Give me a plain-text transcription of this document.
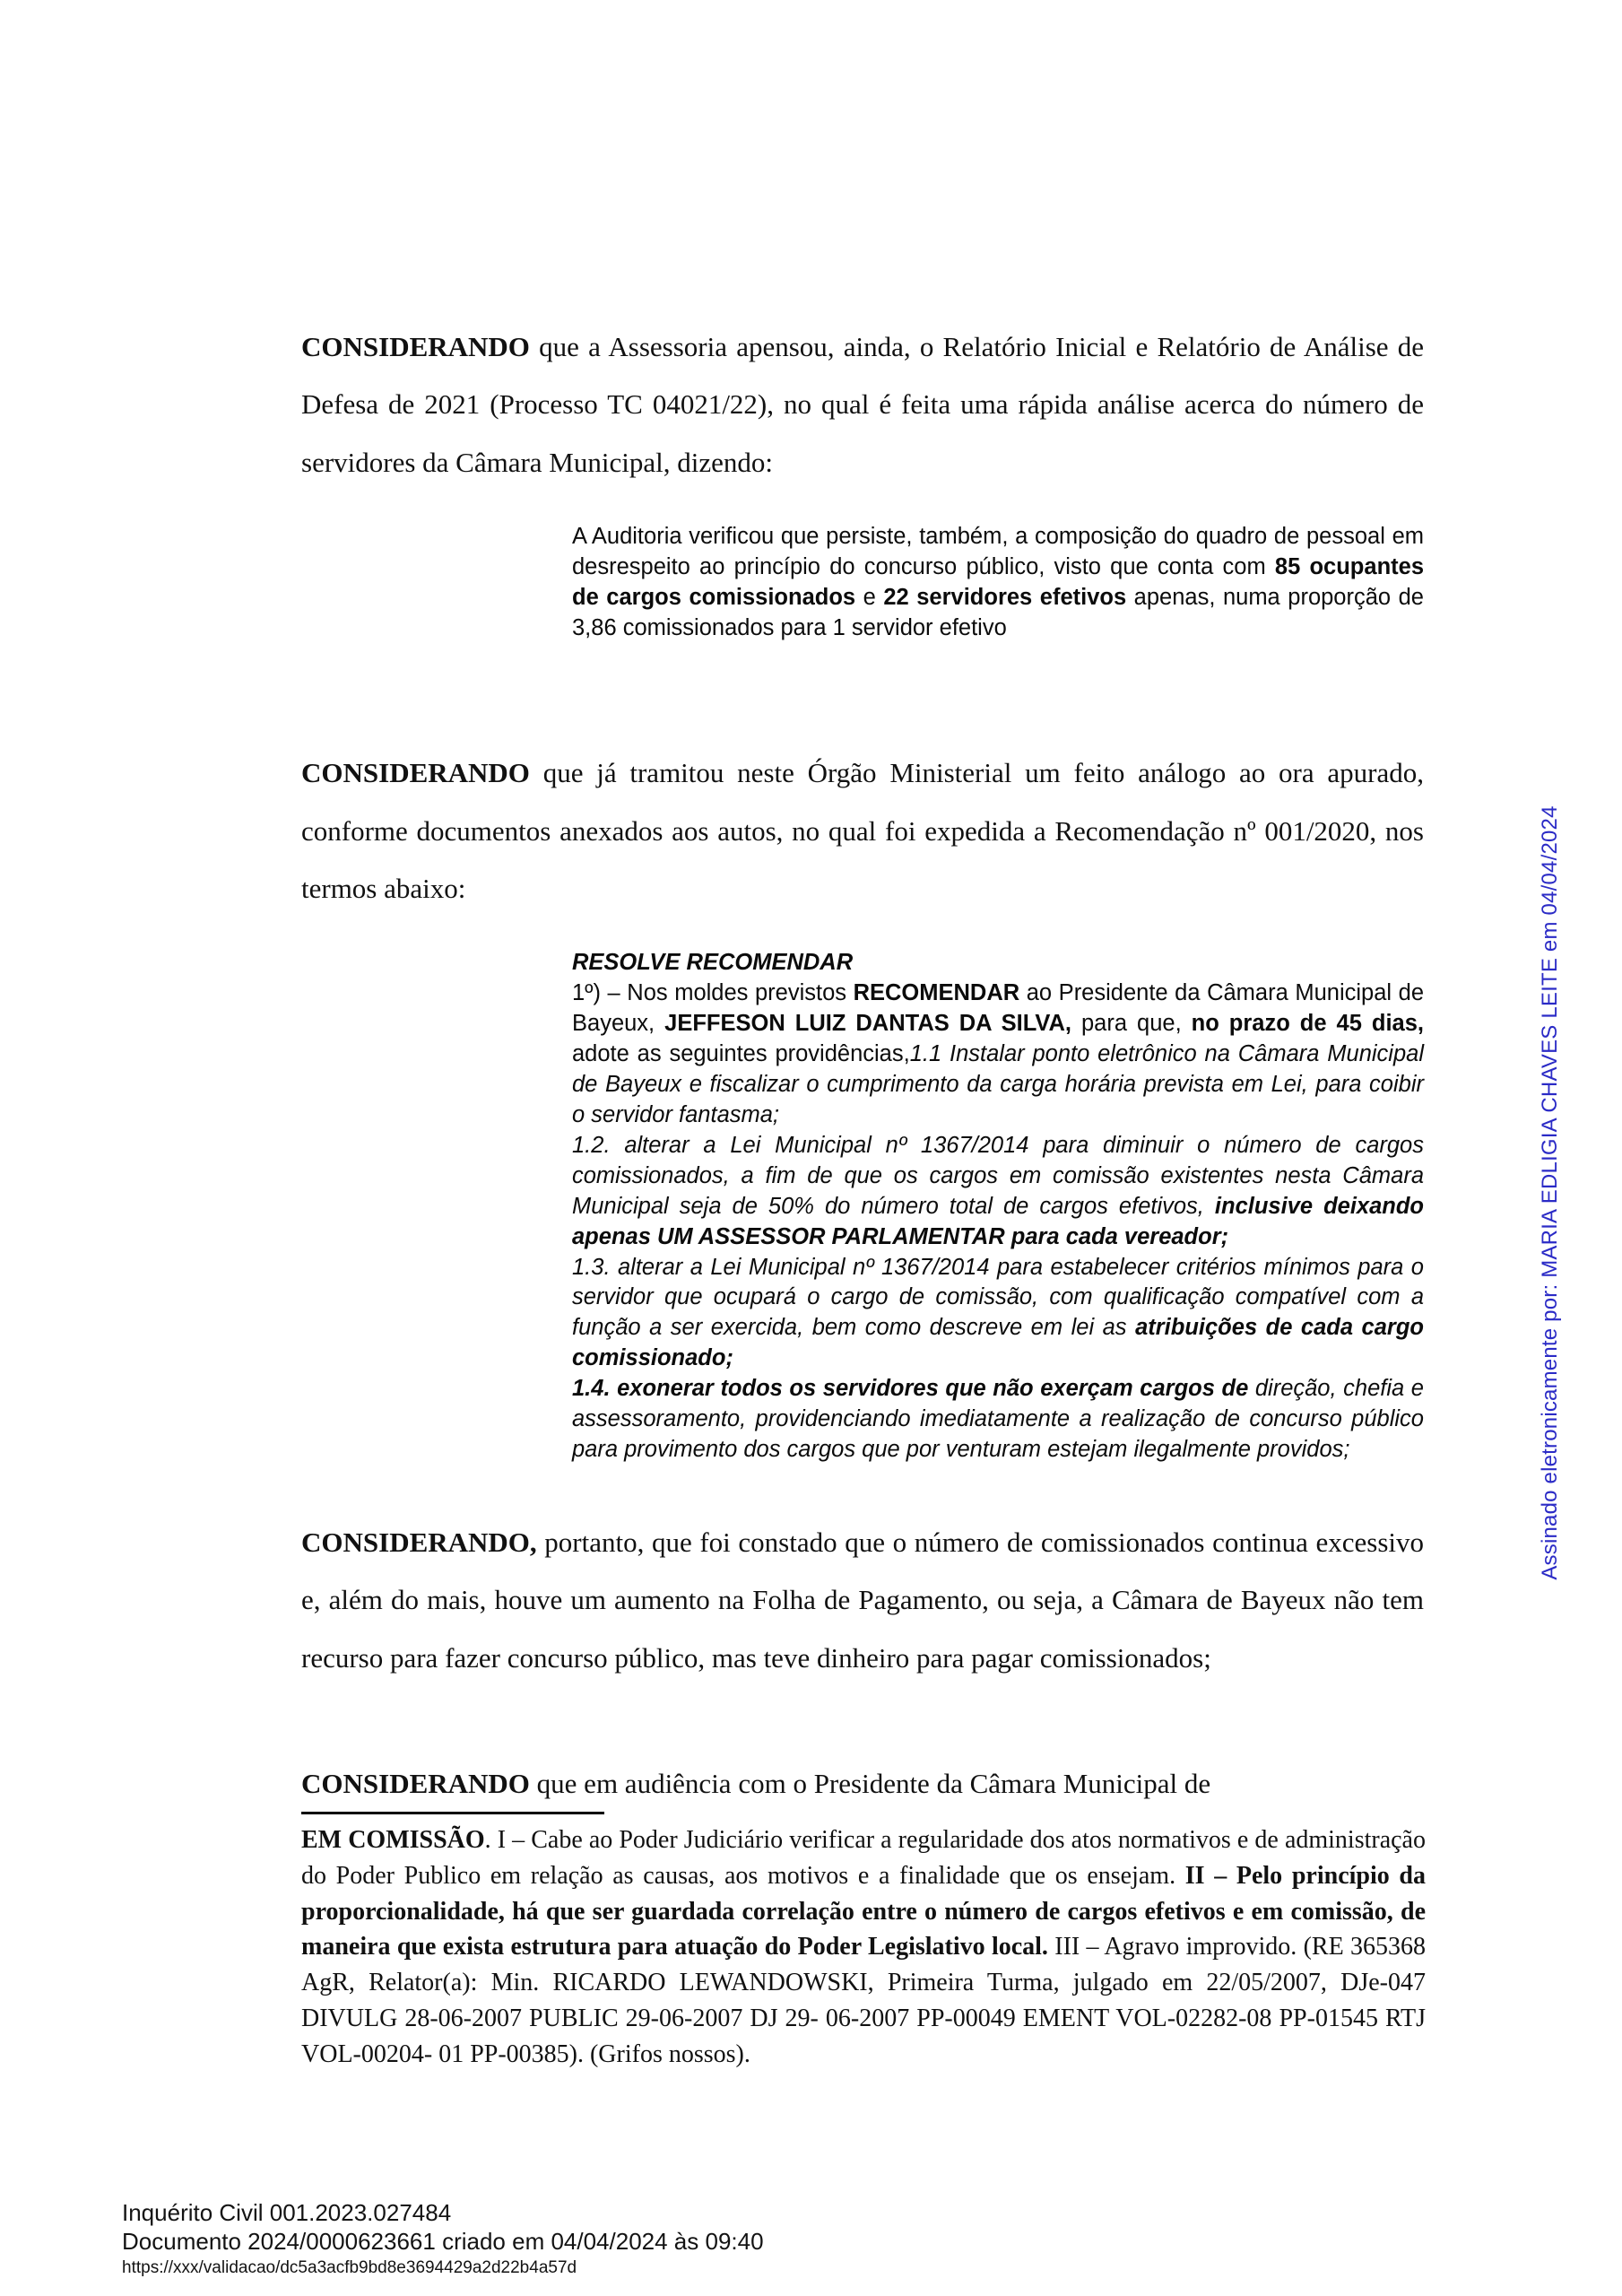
CONSIDERANDO que a Assessoria apensou, ainda, o Relatório Inicial e Relatório de Análise de Defesa de 2021 (Processo TC 04021/22), no qual é feita uma rápida análise acerca do número de servidores da Câmara Municipal, dizendo:

A Auditoria verificou que persiste, também, a composição do quadro de pessoal em desrespeito ao princípio do concurso público, visto que conta com 85 ocupantes de cargos comissionados e 22 servidores efetivos apenas, numa proporção de 3,86 comissionados para 1 servidor efetivo

CONSIDERANDO que já tramitou neste Órgão Ministerial um feito análogo ao ora apurado, conforme documentos anexados aos autos, no qual foi expedida a Recomendação nº 001/2020, nos termos abaixo:

RESOLVE RECOMENDAR
1º) – Nos moldes previstos RECOMENDAR ao Presidente da Câmara Municipal de Bayeux, JEFFESON LUIZ DANTAS DA SILVA, para que, no prazo de 45 dias, adote as seguintes providências,1.1 Instalar ponto eletrônico na Câmara Municipal de Bayeux e fiscalizar o cumprimento da carga horária prevista em Lei, para coibir o servidor fantasma;
1.2. alterar a Lei Municipal nº 1367/2014 para diminuir o número de cargos comissionados, a fim de que os cargos em comissão existentes nesta Câmara Municipal seja de 50% do número total de cargos efetivos, inclusive deixando apenas UM ASSESSOR PARLAMENTAR para cada vereador;
1.3. alterar a Lei Municipal nº 1367/2014 para estabelecer critérios mínimos para o servidor que ocupará o cargo de comissão, com qualificação compatível com a função a ser exercida, bem como descreve em lei as atribuições de cada cargo comissionado;
1.4. exonerar todos os servidores que não exerçam cargos de direção, chefia e assessoramento, providenciando imediatamente a realização de concurso público para provimento dos cargos que por venturam estejam ilegalmente providos;

CONSIDERANDO, portanto, que foi constado que o número de comissionados continua excessivo e, além do mais, houve um aumento na Folha de Pagamento, ou seja, a Câmara de Bayeux não tem recurso para fazer concurso público, mas teve dinheiro para pagar comissionados;

CONSIDERANDO que em audiência com o Presidente da Câmara Municipal de

EM COMISSÃO. I – Cabe ao Poder Judiciário verificar a regularidade dos atos normativos e de administração do Poder Publico em relação as causas, aos motivos e a finalidade que os ensejam. II – Pelo princípio da proporcionalidade, há que ser guardada correlação entre o número de cargos efetivos e em comissão, de maneira que exista estrutura para atuação do Poder Legislativo local. III – Agravo improvido. (RE 365368 AgR, Relator(a): Min. RICARDO LEWANDOWSKI, Primeira Turma, julgado em 22/05/2007, DJe-047 DIVULG 28-06-2007 PUBLIC 29-06-2007 DJ 29- 06-2007 PP-00049 EMENT VOL-02282-08 PP-01545 RTJ VOL-00204- 01 PP-00385). (Grifos nossos).

Assinado eletronicamente por: MARIA EDLIGIA CHAVES LEITE em 04/04/2024
Inquérito Civil 001.2023.027484
Documento 2024/0000623661 criado em 04/04/2024 às 09:40
https://xxx/validacao/dc5a3acfb9bd8e3694429a2d22b4a57d
